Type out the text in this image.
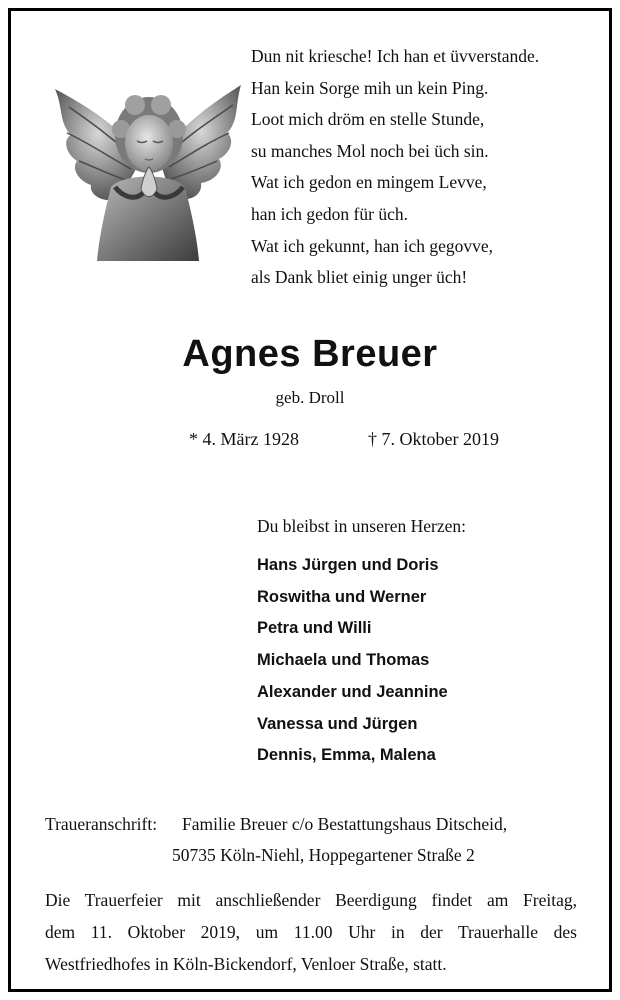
Dun nit kriesche! Ich han et üvverstande.
Han kein Sorge mih un kein Ping.
Loot mich dröm en stelle Stunde,
su manches Mol noch bei üch sin.
Wat ich gedon en mingem Levve,
han ich gedon für üch.
Wat ich gekunnt, han ich gegovve,
als Dank bliet einig unger üch!
Agnes Breuer
geb. Droll
* 4. März 1928	† 7. Oktober 2019
Du bleibst in unseren Herzen:
Hans Jürgen und Doris
Roswitha und Werner
Petra und Willi
Michaela und Thomas
Alexander und Jeannine
Vanessa und Jürgen
Dennis, Emma, Malena
Traueranschrift: Familie Breuer c/o Bestattungshaus Ditscheid,
50735 Köln-Niehl, Hoppegartener Straße 2
Die Trauerfeier mit anschließender Beerdigung findet am Freitag,
dem 11. Oktober 2019, um 11.00 Uhr in der Trauerhalle des
Westfriedhofes in Köln-Bickendorf, Venloer Straße, statt.
